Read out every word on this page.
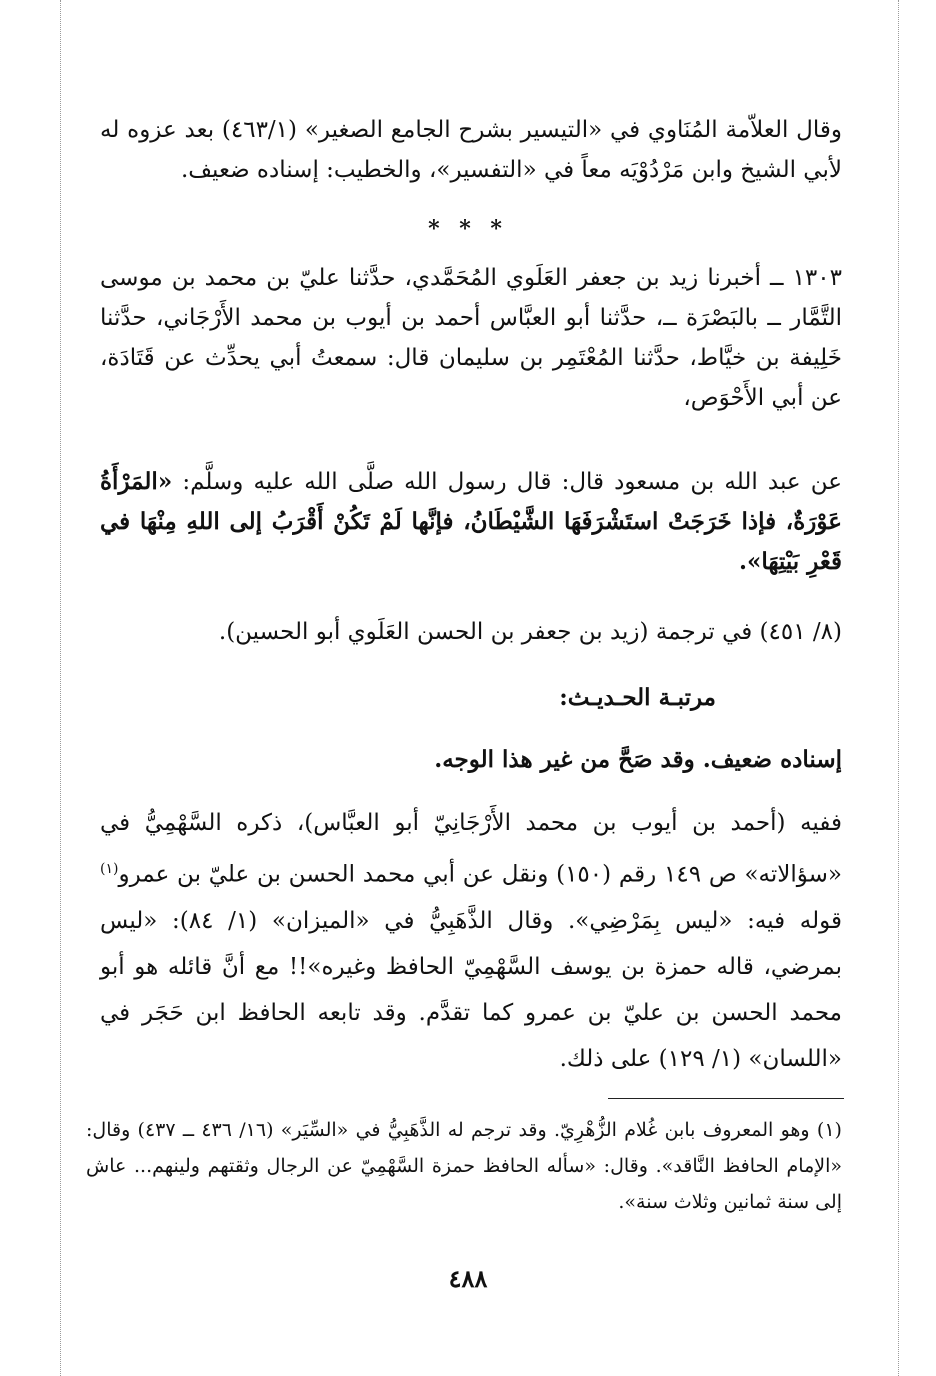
وقال العلاّمة المُنَاوي في «التيسير بشرح الجامع الصغير» (٤٦٣/١) بعد عزوه له لأبي الشيخ وابن مَرْدُوْيَه معاً في «التفسير»، والخطيب: إسناده ضعيف.

* * *

١٣٠٣ ــ أخبرنا زيد بن جعفر العَلَوي المُحَمَّدي، حدَّثنا عليّ بن محمد بن موسى التَّمَّار ــ بالبَصْرَة ــ، حدَّثنا أبو العبَّاس أحمد بن أيوب بن محمد الأَرْجَاني، حدَّثنا خَلِيفة بن خيَّاط، حدَّثنا المُعْتَمِر بن سليمان قال: سمعتُ أبي يحدِّث عن قَتَادَة، عن أبي الأَحْوَص،

عن عبد الله بن مسعود قال: قال رسول الله صلَّى الله عليه وسلَّم: «المَرْأَةُ عَوْرَةٌ، فإذا خَرَجَتْ استَشْرَفَهَا الشَّيْطَانُ، فإنَّها لَمْ تَكُنْ أَقْرَبُ إلى اللهِ مِنْهَا في قَعْرِ بَيْتِهَا».

(٨/ ٤٥١) في ترجمة (زيد بن جعفر بن الحسن العَلَوي أبو الحسين).

مرتبـة الحـديـث:

إسناده ضعيف. وقد صَحَّ من غير هذا الوجه.

ففيه (أحمد بن أيوب بن محمد الأَرْجَانِيّ أبو العبَّاس)، ذكره السَّهْمِيُّ في «سؤالاته» ص ١٤٩ رقم (١٥٠) ونقل عن أبي محمد الحسن بن عليّ بن عمرو$^{(١)}$ قوله فيه: «ليس بِمَرْضِي». وقال الذَّهَبِيُّ في «الميزان» (١/ ٨٤): «ليس بمرضي، قاله حمزة بن يوسف السَّهْمِيّ الحافظ وغيره»!! مع أنَّ قائله هو أبو محمد الحسن بن عليّ بن عمرو كما تقدَّم. وقد تابعه الحافظ ابن حَجَر في «اللسان» (١/ ١٢٩) على ذلك.

(١) وهو المعروف بابن غُلام الزُّهْرِيّ. وقد ترجم له الذَّهَبِيُّ في «السِّيَر» (١٦/ ٤٣٦ ــ ٤٣٧) وقال: «الإمام الحافظ النَّاقد». وقال: «سأله الحافظ حمزة السَّهْمِيّ عن الرجال وثقتهم ولينهم... عاش إلى سنة ثمانين وثلاث سنة».

٤٨٨
